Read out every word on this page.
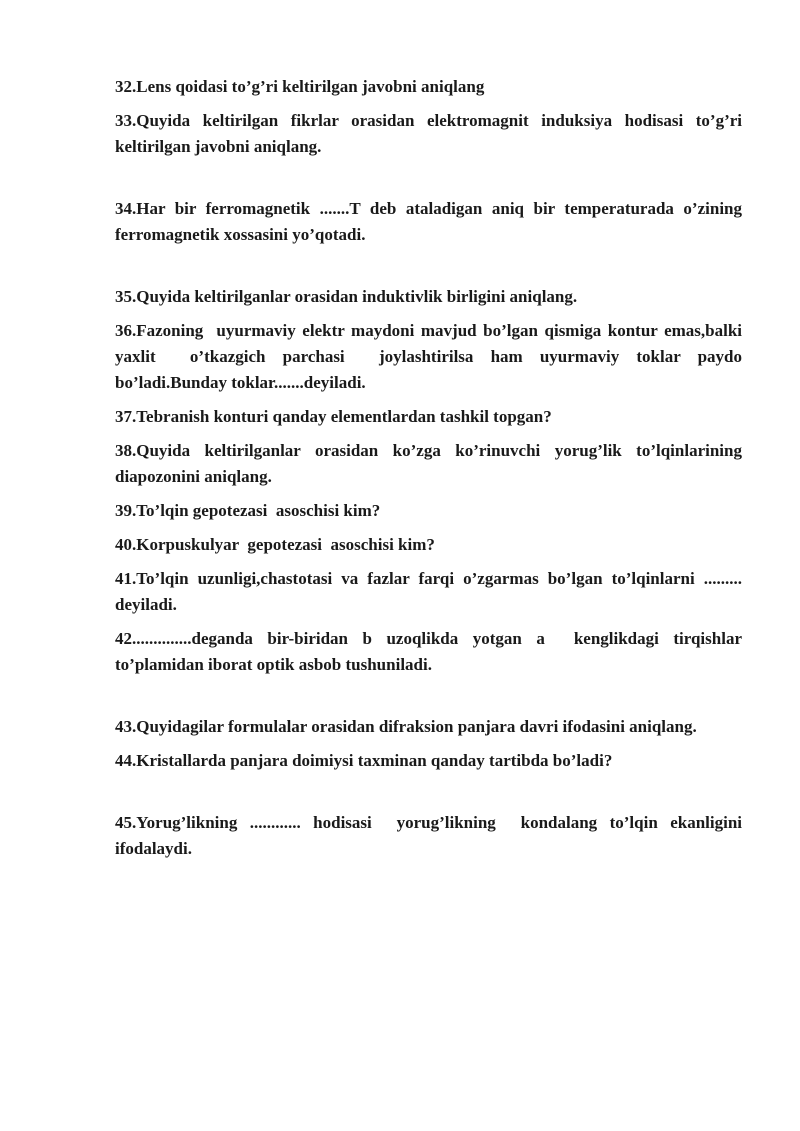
32.Lens qoidasi to’g’ri keltirilgan javobni aniqlang

33.Quyida keltirilgan fikrlar orasidan elektromagnit induksiya hodisasi to’g’ri keltirilgan javobni aniqlang.

34.Har bir ferromagnetik .......T deb ataladigan aniq bir temperaturada o’zining ferromagnetik xossasini yo’qotadi.

35.Quyida keltirilganlar orasidan induktivlik birligini aniqlang.

36.Fazoning  uyurmaviy elektr maydoni mavjud bo’lgan qismiga kontur emas,balki  yaxlit  o’tkazgich parchasi  joylashtirilsa ham uyurmaviy toklar paydo bo’ladi.Bunday toklar.......deyiladi.

37.Tebranish konturi qanday elementlardan tashkil topgan?

38.Quyida keltirilganlar orasidan ko’zga ko’rinuvchi yorug’lik to’lqinlarining diapozonini aniqlang.

39.To’lqin gepotezasi  asoschisi kim?

40.Korpuskulyar  gepotezasi  asoschisi kim?

41.To’lqin uzunligi,chastotasi va fazlar farqi o’zgarmas bo’lgan to’lqinlarni ......... deyiladi.

42..............deganda bir-biridan b uzoqlikda yotgan a  kenglikdagi tirqishlar to’plamidan iborat optik asbob tushuniladi.

43.Quyidagilar formulalar orasidan difraksion panjara davri ifodasini aniqlang.

44.Kristallarda panjara doimiysi taxminan qanday tartibda bo’ladi?

45.Yorug’likning ............ hodisasi  yorug’likning  kondalang to’lqin ekanligini ifodalaydi.
